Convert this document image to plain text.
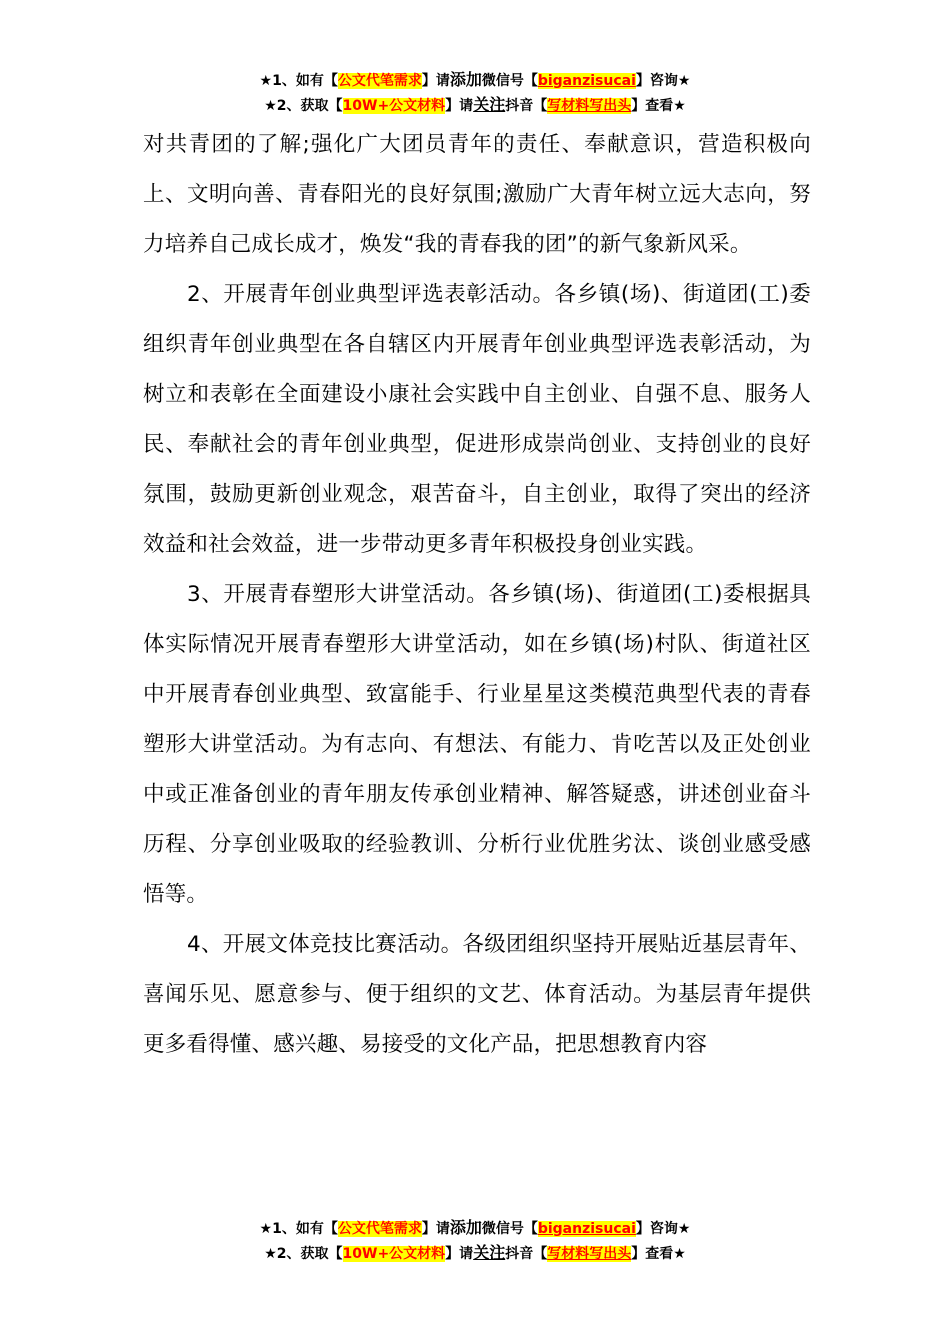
★1、如有【公文代笔需求】请添加微信号【biganzisucai】咨询★
★2、获取【10W+公文材料】请关注抖音【写材料写出头】查看★

对共青团的了解;强化广大团员青年的责任、奉献意识，营造积极向上、文明向善、青春阳光的良好氛围;激励广大青年树立远大志向，努力培养自己成长成才，焕发“我的青春我的团”的新气象新风采。

2、开展青年创业典型评选表彰活动。各乡镇(场)、街道团(工)委组织青年创业典型在各自辖区内开展青年创业典型评选表彰活动，为树立和表彰在全面建设小康社会实践中自主创业、自强不息、服务人民、奉献社会的青年创业典型，促进形成崇尚创业、支持创业的良好氛围，鼓励更新创业观念，艰苦奋斗，自主创业，取得了突出的经济效益和社会效益，进一步带动更多青年积极投身创业实践。

3、开展青春塑形大讲堂活动。各乡镇(场)、街道团(工)委根据具体实际情况开展青春塑形大讲堂活动，如在乡镇(场)村队、街道社区中开展青春创业典型、致富能手、行业星星这类模范典型代表的青春塑形大讲堂活动。为有志向、有想法、有能力、肯吃苦以及正处创业中或正准备创业的青年朋友传承创业精神、解答疑惑，讲述创业奋斗历程、分享创业吸取的经验教训、分析行业优胜劣汰、谈创业感受感悟等。

4、开展文体竞技比赛活动。各级团组织坚持开展贴近基层青年、喜闻乐见、愿意参与、便于组织的文艺、体育活动。为基层青年提供更多看得懂、感兴趣、易接受的文化产品，把思想教育内容

★1、如有【公文代笔需求】请添加微信号【biganzisucai】咨询★
★2、获取【10W+公文材料】请关注抖音【写材料写出头】查看★
